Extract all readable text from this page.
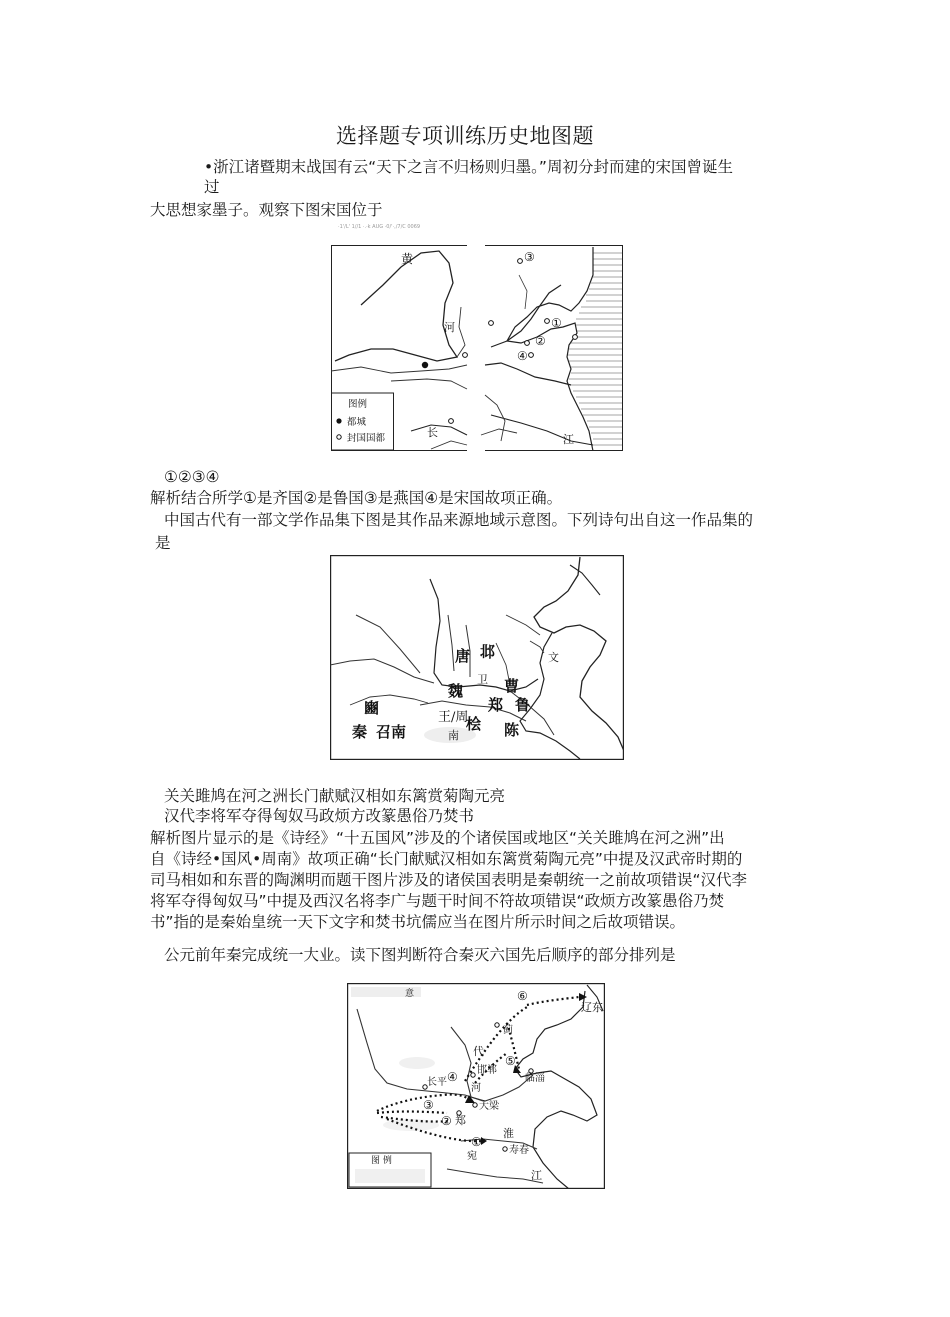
选择题专项训练历史地图题
•浙江诸暨期末战国有云“天下之言不归杨则归墨。”周初分封而建的宋国曾诞生
过
大思想家墨子。观察下图宋国位于
·1'/L' 1//1 ·.·k AUG ·0/'·,/7/C 0069
黄
河
长
江
③
①
②
④
图例
都城
封国国都
①②③④
解析结合所学①是齐国②是鲁国③是燕国④是宋国故项正确。
中国古代有一部文学作品集下图是其作品来源地域示意图。下列诗句出自这一作品集的
是
唐 邶
卫
魏	曹
鲁
郑
王/周
桧 陈
豳
秦 召南	南
文
关关雎鸠在河之洲长门献赋汉相如东篱赏菊陶元亮
汉代李将军夺得匈奴马政烦方改篆愚俗乃焚书
解析图片显示的是《诗经》“十五国风”涉及的个诸侯国或地区“关关雎鸠在河之洲”出
自《诗经•国风•周南》故项正确“长门献赋汉相如东篱赏菊陶元亮”中提及汉武帝时期的
司马相如和东晋的陶渊明而题干图片涉及的诸侯国表明是秦朝统一之前故项错误“汉代李
将军夺得匈奴马”中提及西汉名将李广与题干时间不符故项错误“政烦方改篆愚俗乃焚
书”指的是秦始皇统一天下文字和焚书坑儒应当在图片所示时间之后故项错误。
公元前年秦完成统一大业。读下图判断符合秦灭六国先后顺序的部分排列是
意	⑥
辽东
蓟
代
⑤
临淄
长平 ④ 邯郸
③	大梁
② 郑
河
①
寿春
淮
宛
江
图 例
